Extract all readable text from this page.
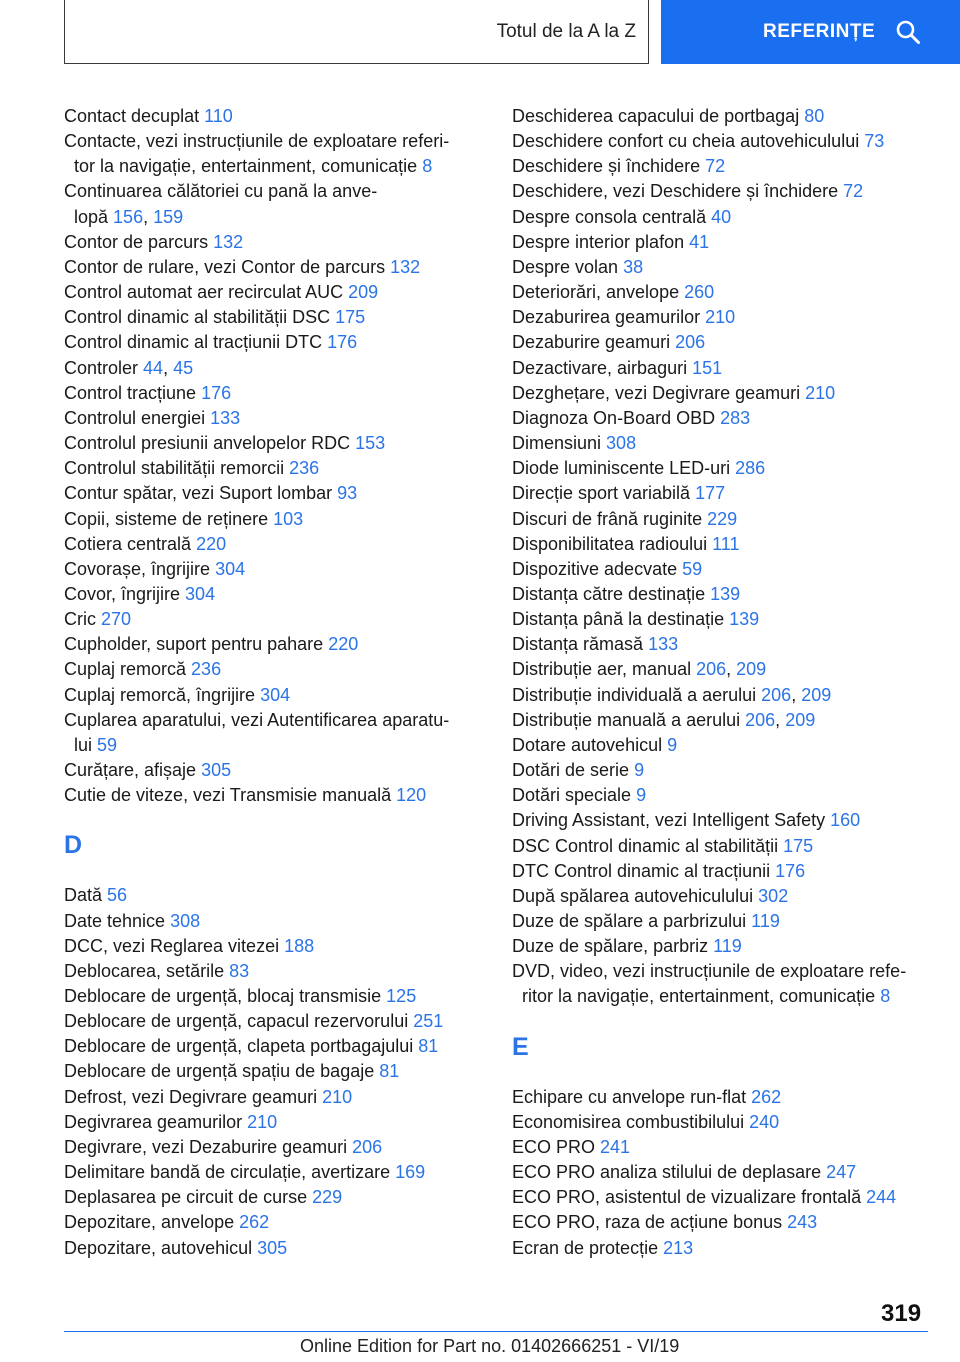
Totul de la A la Z	REFERINȚE
Contact decuplat 110
Contacte, vezi instrucțiunile de exploatare referi-
tor la navigație, entertainment, comunicație 8
Continuarea călătoriei cu pană la anve-
lopă 156, 159
Contor de parcurs 132
Contor de rulare, vezi Contor de parcurs 132
Control automat aer recirculat AUC 209
Control dinamic al stabilității DSC 175
Control dinamic al tracțiunii DTC 176
Controler 44, 45
Control tracțiune 176
Controlul energiei 133
Controlul presiunii anvelopelor RDC 153
Controlul stabilității remorcii 236
Contur spătar, vezi Suport lombar 93
Copii, sisteme de reținere 103
Cotiera centrală 220
Covorașe, îngrijire 304
Covor, îngrijire 304
Cric 270
Cupholder, suport pentru pahare 220
Cuplaj remorcă 236
Cuplaj remorcă, îngrijire 304
Cuplarea aparatului, vezi Autentificarea aparatu-
lui 59
Curățare, afișaje 305
Cutie de viteze, vezi Transmisie manuală 120
D
Dată 56
Date tehnice 308
DCC, vezi Reglarea vitezei 188
Deblocarea, setările 83
Deblocare de urgență, blocaj transmisie 125
Deblocare de urgență, capacul rezervorului 251
Deblocare de urgență, clapeta portbagajului 81
Deblocare de urgență spațiu de bagaje 81
Defrost, vezi Degivrare geamuri 210
Degivrarea geamurilor 210
Degivrare, vezi Dezaburire geamuri 206
Delimitare bandă de circulație, avertizare 169
Deplasarea pe circuit de curse 229
Depozitare, anvelope 262
Depozitare, autovehicul 305
Deschiderea capacului de portbagaj 80
Deschidere confort cu cheia autovehiculului 73
Deschidere și închidere 72
Deschidere, vezi Deschidere și închidere 72
Despre consola centrală 40
Despre interior plafon 41
Despre volan 38
Deteriorări, anvelope 260
Dezaburirea geamurilor 210
Dezaburire geamuri 206
Dezactivare, airbaguri 151
Dezghețare, vezi Degivrare geamuri 210
Diagnoza On-Board OBD 283
Dimensiuni 308
Diode luminiscente LED-uri 286
Direcție sport variabilă 177
Discuri de frână ruginite 229
Disponibilitatea radioului 111
Dispozitive adecvate 59
Distanța către destinație 139
Distanța până la destinație 139
Distanța rămasă 133
Distribuție aer, manual 206, 209
Distribuție individuală a aerului 206, 209
Distribuție manuală a aerului 206, 209
Dotare autovehicul 9
Dotări de serie 9
Dotări speciale 9
Driving Assistant, vezi Intelligent Safety 160
DSC Control dinamic al stabilității 175
DTC Control dinamic al tracțiunii 176
După spălarea autovehiculului 302
Duze de spălare a parbrizului 119
Duze de spălare, parbriz 119
DVD, video, vezi instrucțiunile de exploatare refe-
ritor la navigație, entertainment, comunicație 8
E
Echipare cu anvelope run-flat 262
Economisirea combustibilului 240
ECO PRO 241
ECO PRO analiza stilului de deplasare 247
ECO PRO, asistentul de vizualizare frontală 244
ECO PRO, raza de acțiune bonus 243
Ecran de protecție 213
319
Online Edition for Part no. 01402666251 - VI/19
